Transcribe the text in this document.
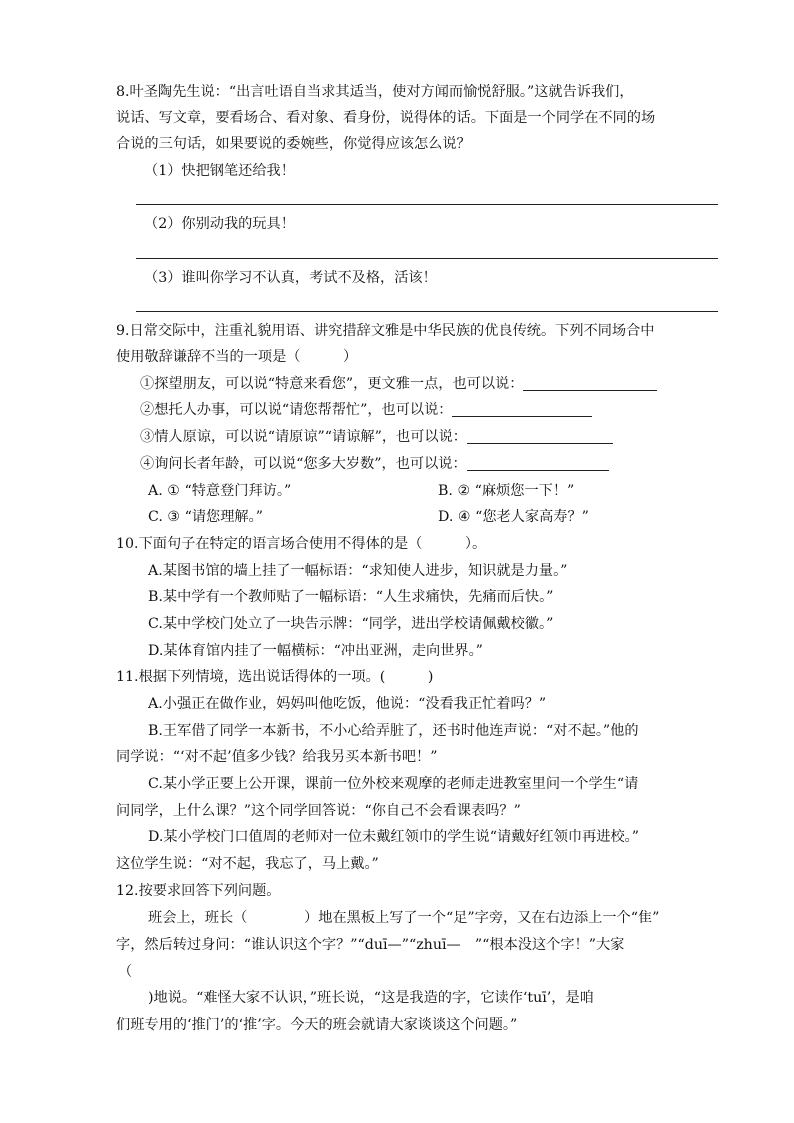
8.叶圣陶先生说：“出言吐语自当求其适当，使对方闻而愉悦舒服。”这就告诉我们，
说话、写文章，要看场合、看对象、看身份，说得体的话。下面是一个同学在不同的场
合说的三句话，如果要说的委婉些，你觉得应该怎么说？
（1）快把钢笔还给我！
（2）你别动我的玩具！
（3）谁叫你学习不认真，考试不及格，活该！
9.日常交际中，注重礼貌用语、讲究措辞文雅是中华民族的优良传统。下列不同场合中
使用敬辞谦辞不当的一项是（　　　）
①探望朋友，可以说“特意来看您”，更文雅一点，也可以说：
②想托人办事，可以说“请您帮帮忙”，也可以说：
③情人原谅，可以说“请原谅”“请谅解”，也可以说：
④询问长者年龄，可以说“您多大岁数”，也可以说：
A. ① “特意登门拜访。”	B. ② “麻烦您一下！”
C. ③ “请您理解。”	D. ④ “您老人家高寿？”
10.下面句子在特定的语言场合使用不得体的是（　　　）。
A.某图书馆的墙上挂了一幅标语：“求知使人进步，知识就是力量。”
B.某中学有一个教师贴了一幅标语：“人生求痛快，先痛而后快。”
C.某中学校门处立了一块告示牌：“同学，进出学校请佩戴校徽。”
D.某体育馆内挂了一幅横标：“冲出亚洲，走向世界。”
11.根据下列情境，选出说话得体的一项。(　　　)
A.小强正在做作业，妈妈叫他吃饭，他说：“没看我正忙着吗？”
B.王军借了同学一本新书，不小心给弄脏了，还书时他连声说：“对不起。”他的
同学说：“‘对不起’值多少钱？给我另买本新书吧！”
C.某小学正要上公开课，课前一位外校来观摩的老师走进教室里问一个学生“请
问同学，上什么课？”这个同学回答说：“你自己不会看课表吗？”
D.某小学校门口值周的老师对一位未戴红领巾的学生说“请戴好红领巾再进校。”
这位学生说：“对不起，我忘了，马上戴。”
12.按要求回答下列问题。
班会上，班长（　　　　）地在黑板上写了一个“足”字旁，又在右边添上一个“隹”
字，然后转过身问：“谁认识这个字？”“duī—”“zhuī—　”“根本没这个字！”大家
（
)地说。“难怪大家不认识，”班长说，“这是我造的字，它读作‘tuī’，是咱
们班专用的‘推门’的‘推’字。今天的班会就请大家谈谈这个问题。”
